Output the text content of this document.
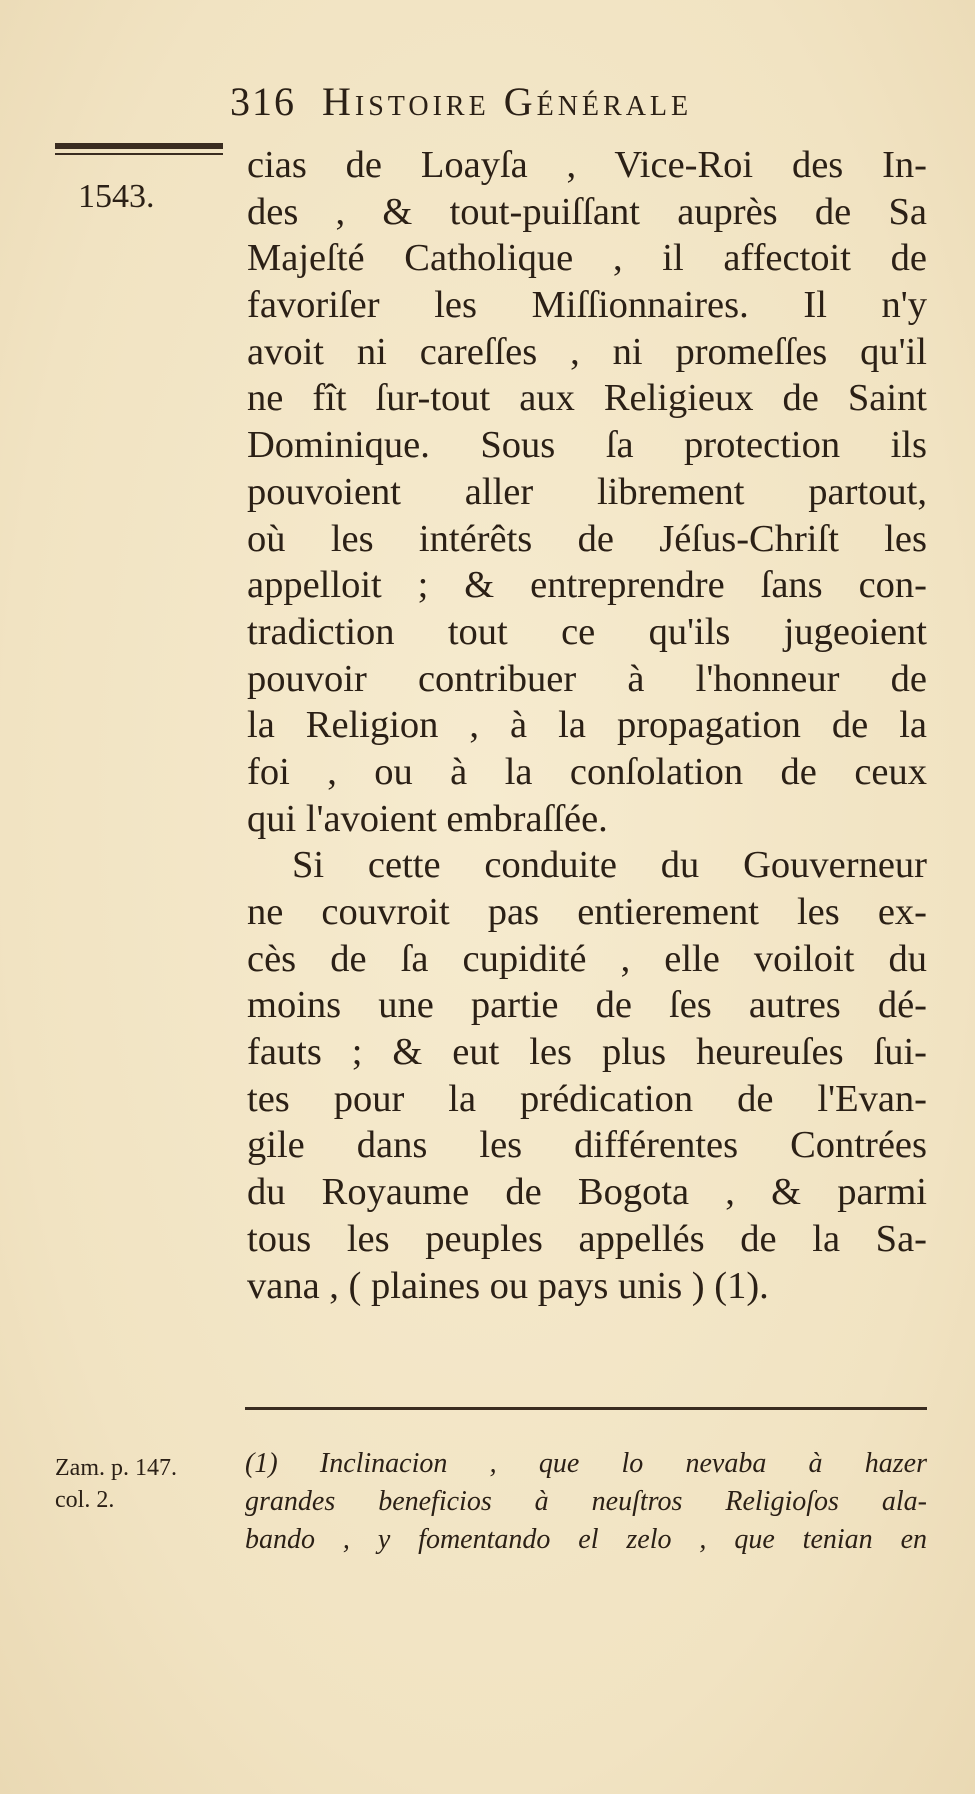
316 Histoire Générale
1543.
cias de Loayſa , Vice-Roi des In-
des , & tout-puiſſant auprès de Sa
Majeſté Catholique , il affectoit de
favoriſer les Miſſionnaires. Il n'y
avoit ni careſſes , ni promeſſes qu'il
ne fît ſur-tout aux Religieux de Saint
Dominique. Sous ſa protection ils
pouvoient aller librement partout,
où les intérêts de Jéſus-Chriſt les
appelloit ; & entreprendre ſans con-
tradiction tout ce qu'ils jugeoient
pouvoir contribuer à l'honneur de
la Religion , à la propagation de la
foi , ou à la conſolation de ceux
qui l'avoient embraſſée.
Si cette conduite du Gouverneur
ne couvroit pas entierement les ex-
cès de ſa cupidité , elle voiloit du
moins une partie de ſes autres dé-
fauts ; & eut les plus heureuſes ſui-
tes pour la prédication de l'Evan-
gile dans les différentes Contrées
du Royaume de Bogota , & parmi
tous les peuples appellés de la Sa-
vana , ( plaines ou pays unis ) (1).
Zam. p. 147.
col. 2.
(1) Inclinacion , que lo nevaba à hazer
grandes beneficios à neuſtros Religioſos ala-
bando , y fomentando el zelo , que tenian en
